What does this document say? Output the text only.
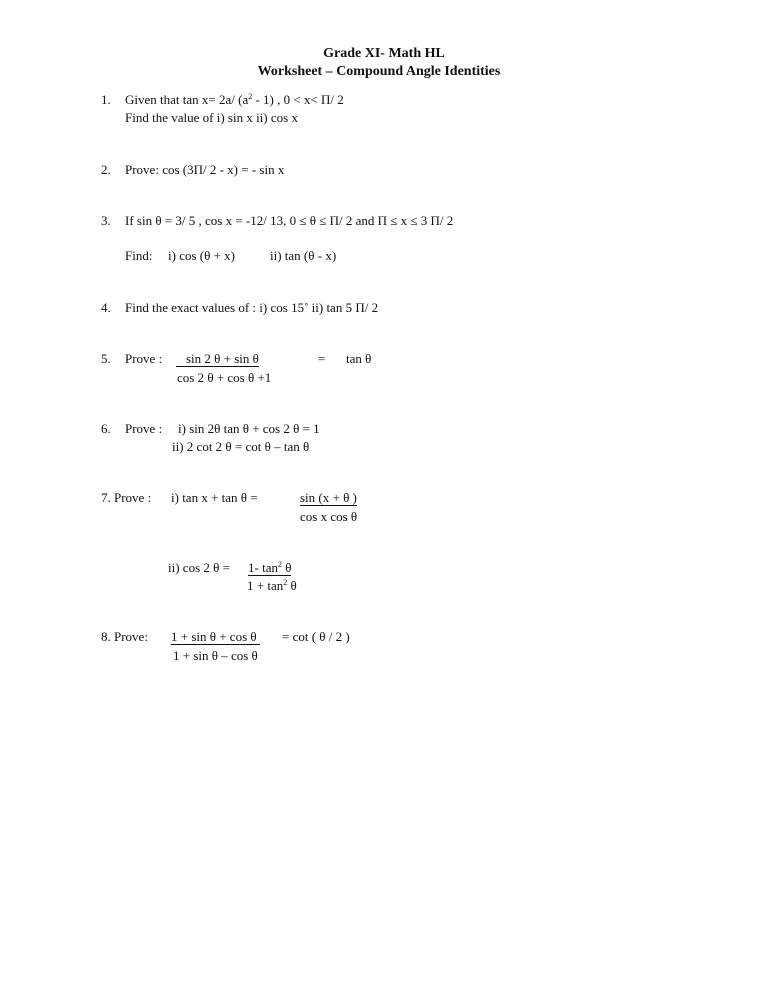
Grade XI- Math HL
Worksheet – Compound Angle Identities
1. Given that tan x= 2a/ $(a^2 - 1)$ , 0 < x< Π/ 2
Find the value of i) sin x ii) cos x
2. Prove: cos (3Π/ 2 - x) = - sin x
3. If sin θ = 3/ 5 , cos x = -12/ 13, 0 ≤ θ ≤ Π/ 2 and Π ≤ x ≤ 3 Π/ 2
Find: i) cos (θ + x)	ii) tan (θ - x)
4. Find the exact values of : i) cos 15˚ ii) tan 5 Π/ 2
5. Prove :	sin 2 θ + sin θ	= tan θ
cos 2 θ + cos θ +1
6. Prove : i) sin 2θ tan θ + cos 2 θ = 1
ii) 2 cot 2 θ = cot θ – tan θ
7. Prove : i) tan x + tan θ =	sin (x + θ )
cos x cos θ
ii) cos 2 θ = 1- $\tan^2 \theta$
$1 + \tan^2 \theta$
8. Prove: 1 + sin θ + cos θ = cot ( θ / 2 )
1 + sin θ – cos θ
